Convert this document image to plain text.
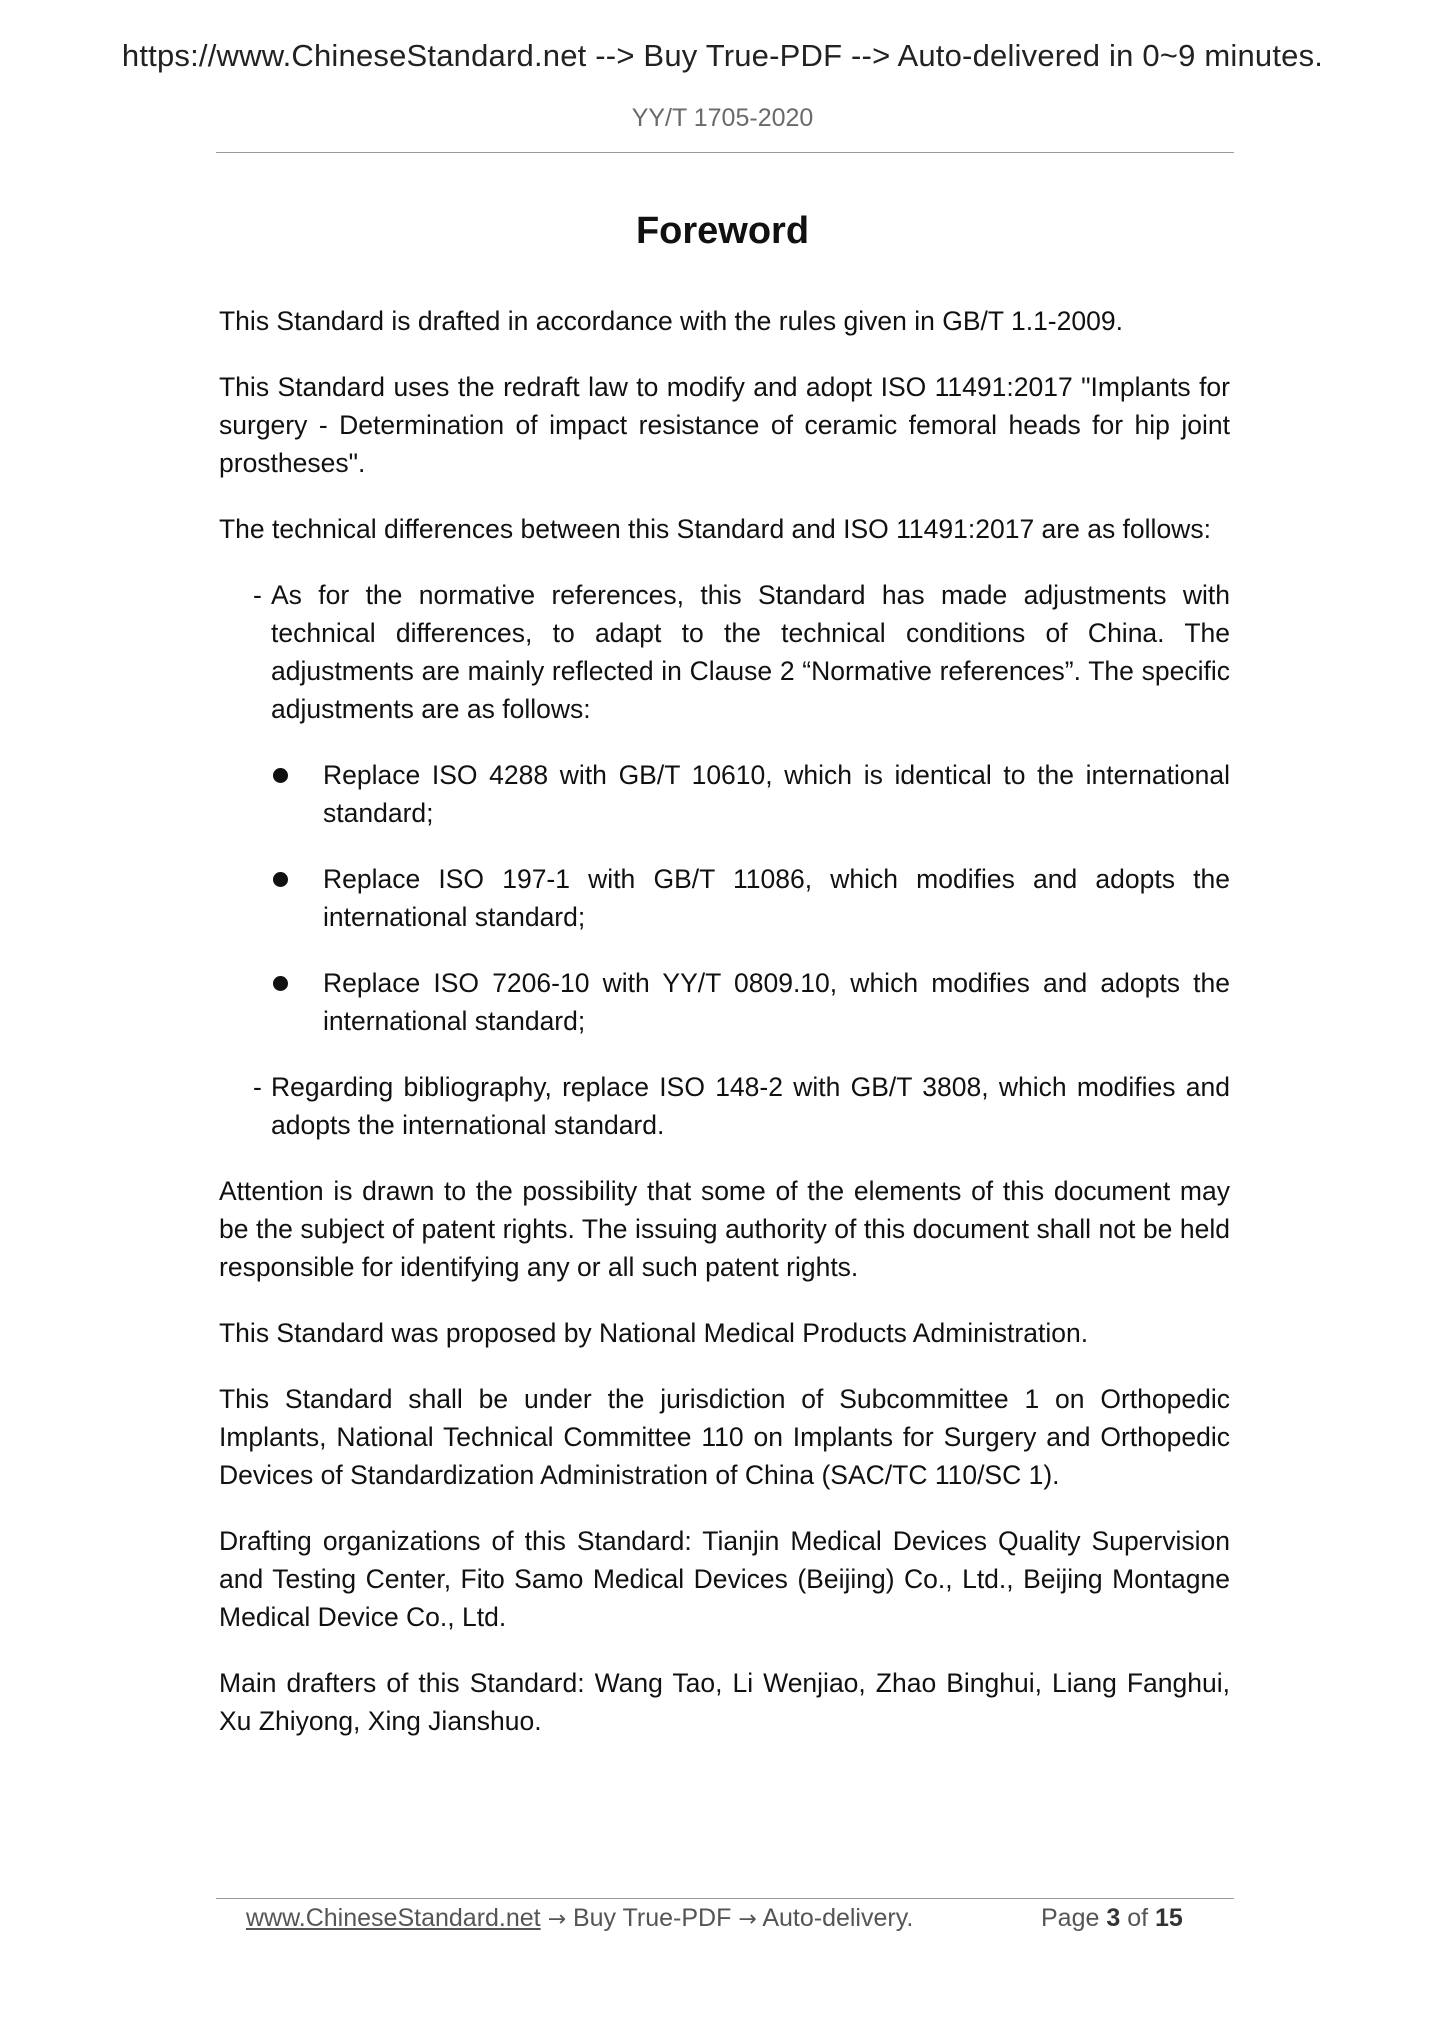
https://www.ChineseStandard.net --> Buy True-PDF --> Auto-delivered in 0~9 minutes.
YY/T 1705-2020
Foreword

This Standard is drafted in accordance with the rules given in GB/T 1.1-2009.

This Standard uses the redraft law to modify and adopt ISO 11491:2017 "Implants for surgery - Determination of impact resistance of ceramic femoral heads for hip joint prostheses".

The technical differences between this Standard and ISO 11491:2017 are as follows:

- As for the normative references, this Standard has made adjustments with technical differences, to adapt to the technical conditions of China. The adjustments are mainly reflected in Clause 2 “Normative references”. The specific adjustments are as follows:
Replace ISO 4288 with GB/T 10610, which is identical to the international standard;
Replace ISO 197-1 with GB/T 11086, which modifies and adopts the international standard;
Replace ISO 7206-10 with YY/T 0809.10, which modifies and adopts the international standard;
- Regarding bibliography, replace ISO 148-2 with GB/T 3808, which modifies and adopts the international standard.

Attention is drawn to the possibility that some of the elements of this document may be the subject of patent rights. The issuing authority of this document shall not be held responsible for identifying any or all such patent rights.

This Standard was proposed by National Medical Products Administration.

This Standard shall be under the jurisdiction of Subcommittee 1 on Orthopedic Implants, National Technical Committee 110 on Implants for Surgery and Orthopedic Devices of Standardization Administration of China (SAC/TC 110/SC 1).

Drafting organizations of this Standard: Tianjin Medical Devices Quality Supervision and Testing Center, Fito Samo Medical Devices (Beijing) Co., Ltd., Beijing Montagne Medical Device Co., Ltd.

Main drafters of this Standard: Wang Tao, Li Wenjiao, Zhao Binghui, Liang Fanghui, Xu Zhiyong, Xing Jianshuo.

www.ChineseStandard.net → Buy True-PDF → Auto-delivery.	Page 3 of 15
